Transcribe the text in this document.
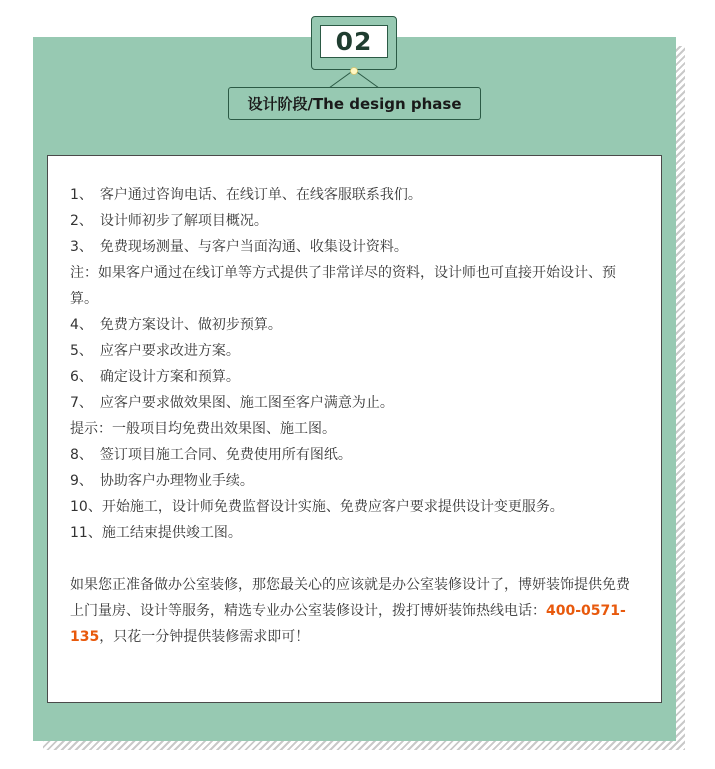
02
设计阶段/The design phase

1、　客户通过咨询电话、在线订单、在线客服联系我们。

2、　设计师初步了解项目概况。

3、　免费现场测量、与客户当面沟通、收集设计资料。

注：如果客户通过在线订单等方式提供了非常详尽的资料，设计师也可直接开始设计、预算。

4、　免费方案设计、做初步预算。

5、　应客户要求改进方案。

6、　确定设计方案和预算。

7、　应客户要求做效果图、施工图至客户满意为止。

提示：一般项目均免费出效果图、施工图。

8、　签订项目施工合同、免费使用所有图纸。

9、　协助客户办理物业手续。

10、开始施工，设计师免费监督设计实施、免费应客户要求提供设计变更服务。

11、施工结束提供竣工图。

如果您正准备做办公室装修，那您最关心的应该就是办公室装修设计了，博妍装饰提供免费上门量房、设计等服务，精选专业办公室装修设计，拨打博妍装饰热线电话：400-0571-135，只花一分钟提供装修需求即可！
